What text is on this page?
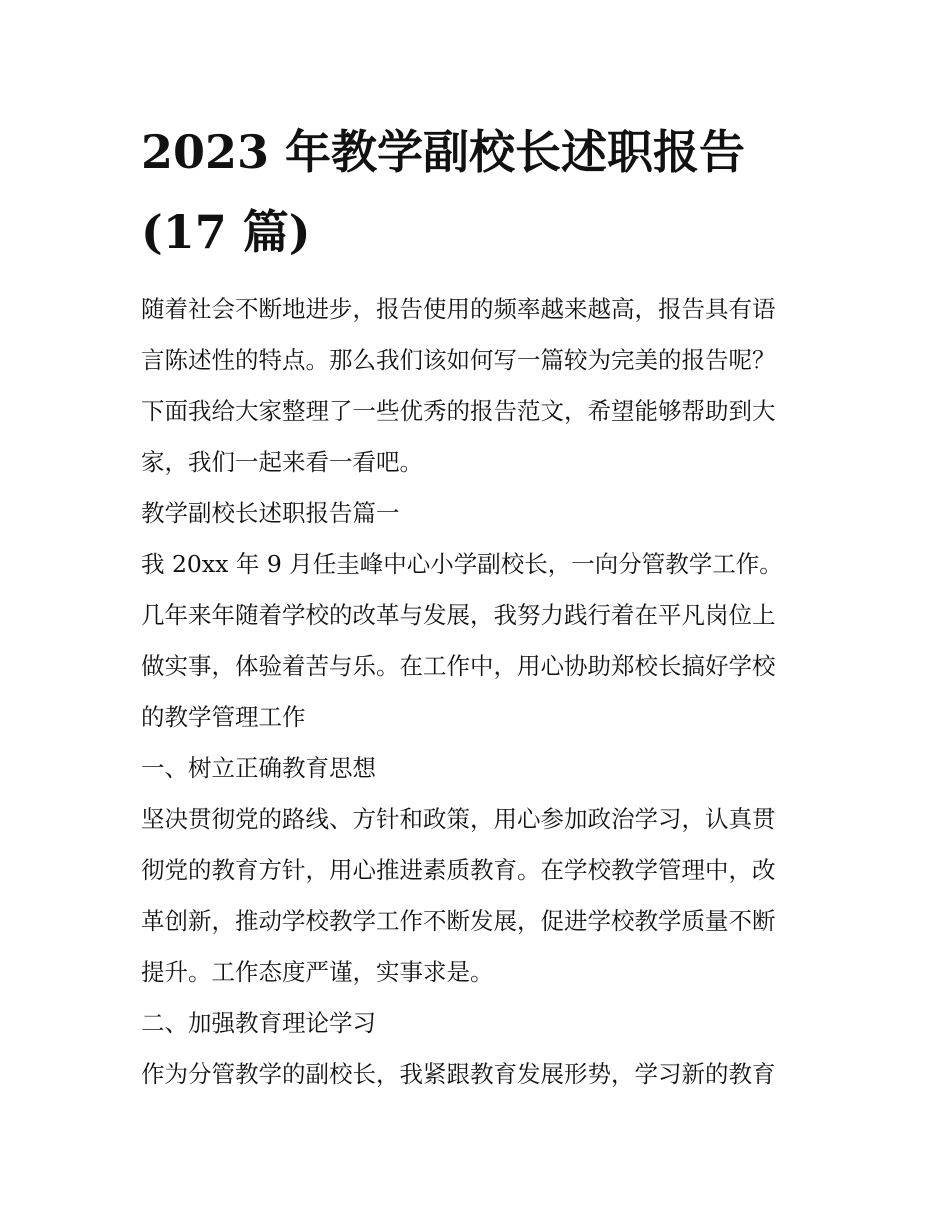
2023 年教学副校长述职报告
(17 篇)
随着社会不断地进步，报告使用的频率越来越高，报告具有语
言陈述性的特点。那么我们该如何写一篇较为完美的报告呢？
下面我给大家整理了一些优秀的报告范文，希望能够帮助到大
家，我们一起来看一看吧。
教学副校长述职报告篇一
我 20xx 年 9 月任圭峰中心小学副校长，一向分管教学工作。
几年来年随着学校的改革与发展，我努力践行着在平凡岗位上
做实事，体验着苦与乐。在工作中，用心协助郑校长搞好学校
的教学管理工作
一、树立正确教育思想
坚决贯彻党的路线、方针和政策，用心参加政治学习，认真贯
彻党的教育方针，用心推进素质教育。在学校教学管理中，改
革创新，推动学校教学工作不断发展，促进学校教学质量不断
提升。工作态度严谨，实事求是。
二、加强教育理论学习
作为分管教学的副校长，我紧跟教育发展形势，学习新的教育
